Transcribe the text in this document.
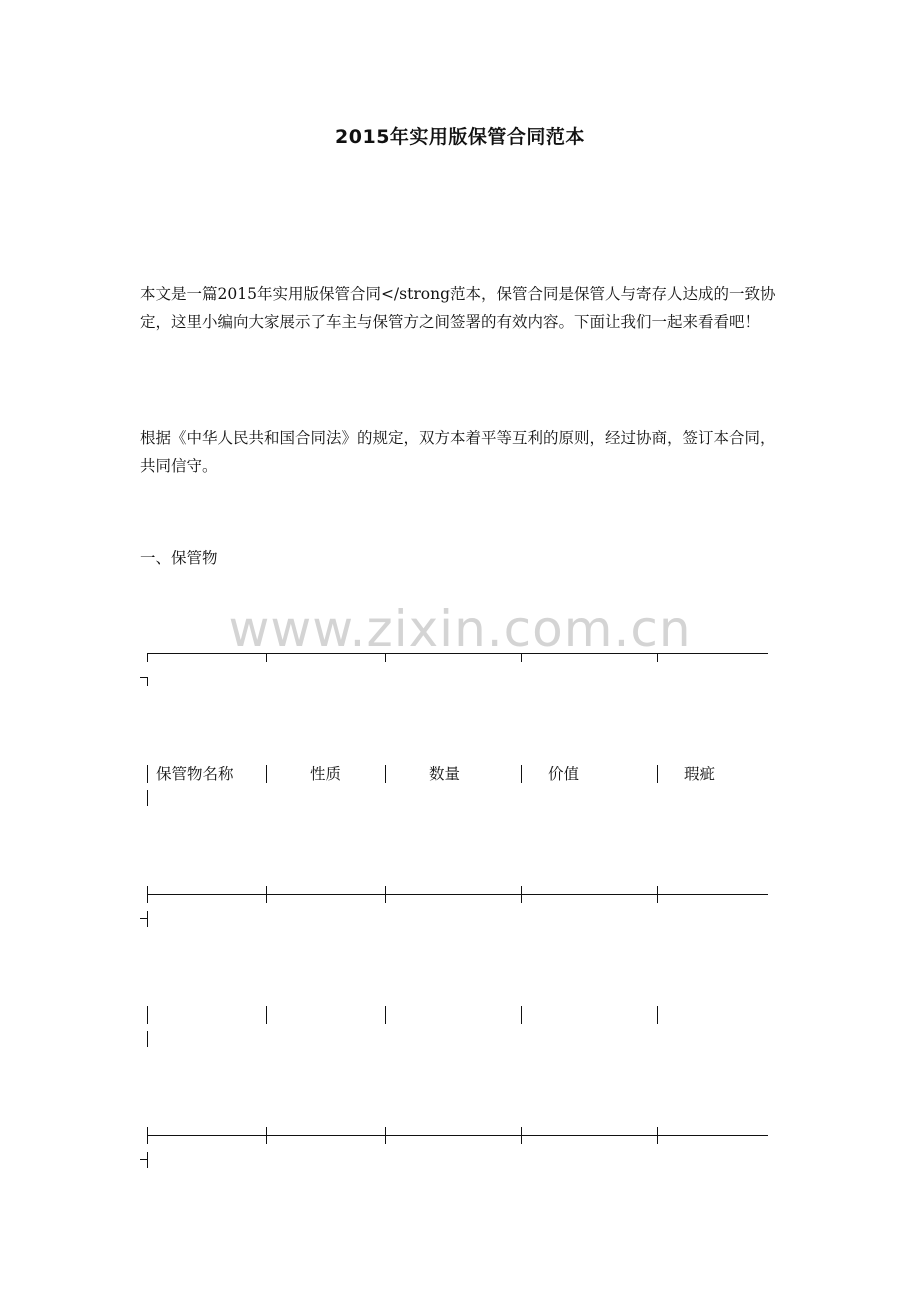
2015年实用版保管合同范本

本文是一篇2015年实用版保管合同</strong范本，保管合同是保管人与寄存人达成的一致协定，这里小编向大家展示了车主与保管方之间签署的有效内容。下面让我们一起来看看吧！

根据《中华人民共和国合同法》的规定，双方本着平等互利的原则，经过协商，签订本合同，共同信守。

一、保管物
www.zixin.com.cn
保管物名称	性质	数量	价值	瑕疵
